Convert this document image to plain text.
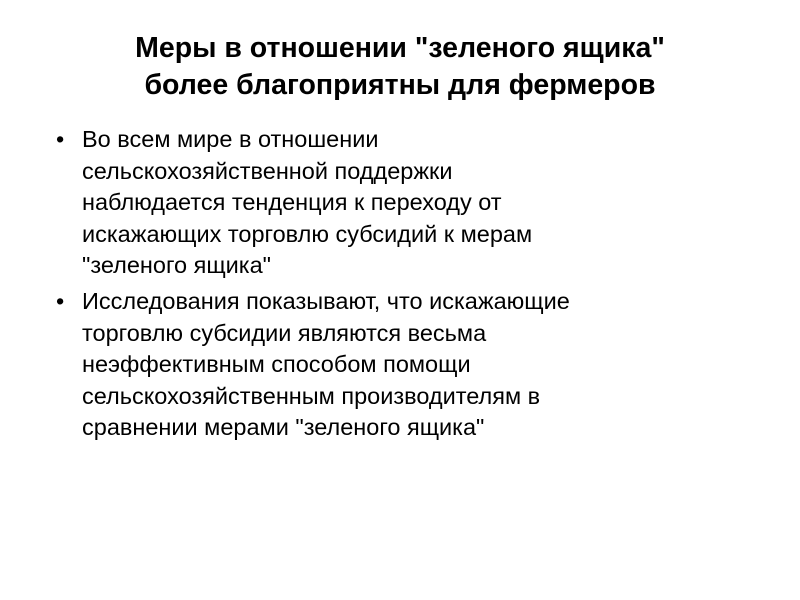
Меры в отношении "зеленого ящика"
более благоприятны для фермеров
• Во всем мире в отношении
сельскохозяйственной поддержки
наблюдается тенденция к переходу от
искажающих торговлю субсидий к мерам
"зеленого ящика"
• Исследования показывают, что искажающие
торговлю субсидии являются весьма
неэффективным способом помощи
сельскохозяйственным производителям в
сравнении мерами "зеленого ящика"
